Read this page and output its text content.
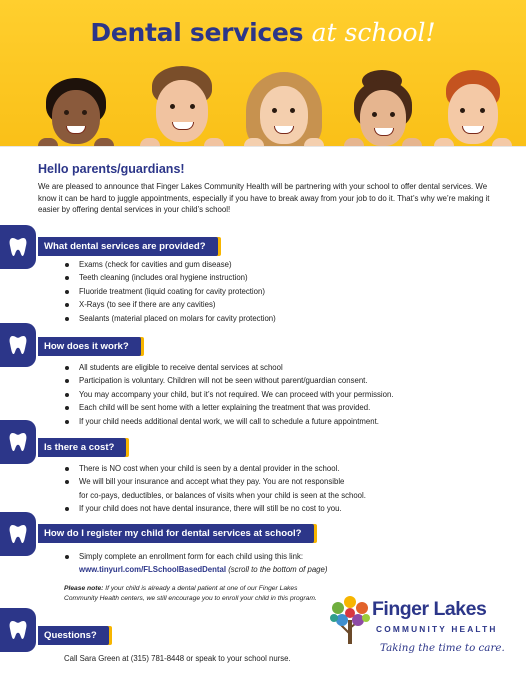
Dental services at school!
Hello parents/guardians!

We are pleased to announce that Finger Lakes Community Health will be partnering with your school to offer dental services. We know it can be hard to juggle appointments, especially if you have to break away from your job to do it. That’s why we’re making it easier by offering dental services in your child’s school!

What dental services are provided?
Exams (check for cavities and gum disease)
Teeth cleaning (includes oral hygiene instruction)
Fluoride treatment (liquid coating for cavity protection)
X-Rays (to see if there are any cavities)
Sealants (material placed on molars for cavity protection)
How does it work?
All students are eligible to receive dental services at school
Participation is voluntary. Children will not be seen without parent/guardian consent.
You may accompany your child, but it’s not required. We can proceed with your permission.
Each child will be sent home with a letter explaining the treatment that was provided.
If your child needs additional dental work, we will call to schedule a future appointment.
Is there a cost?
There is NO cost when your child is seen by a dental provider in the school.
We will bill your insurance and accept what they pay. You are not responsible
for co-pays, deductibles, or balances of visits when your child is seen at the school.
If your child does not have dental insurance, there will still be no cost to you.
How do I register my child for dental services at school?
Simply complete an enrollment form for each child using this link:
www.tinyurl.com/FLSchoolBasedDental (scroll to the bottom of page)
Please note: If your child is already a dental patient at one of our Finger Lakes Community Health centers, we still encourage you to enroll your child in this program.	Finger Lakes
COMMUNITY HEALTH
Taking the time to care.
Questions?
Call Sara Green at (315) 781-8448 or speak to your school nurse.
